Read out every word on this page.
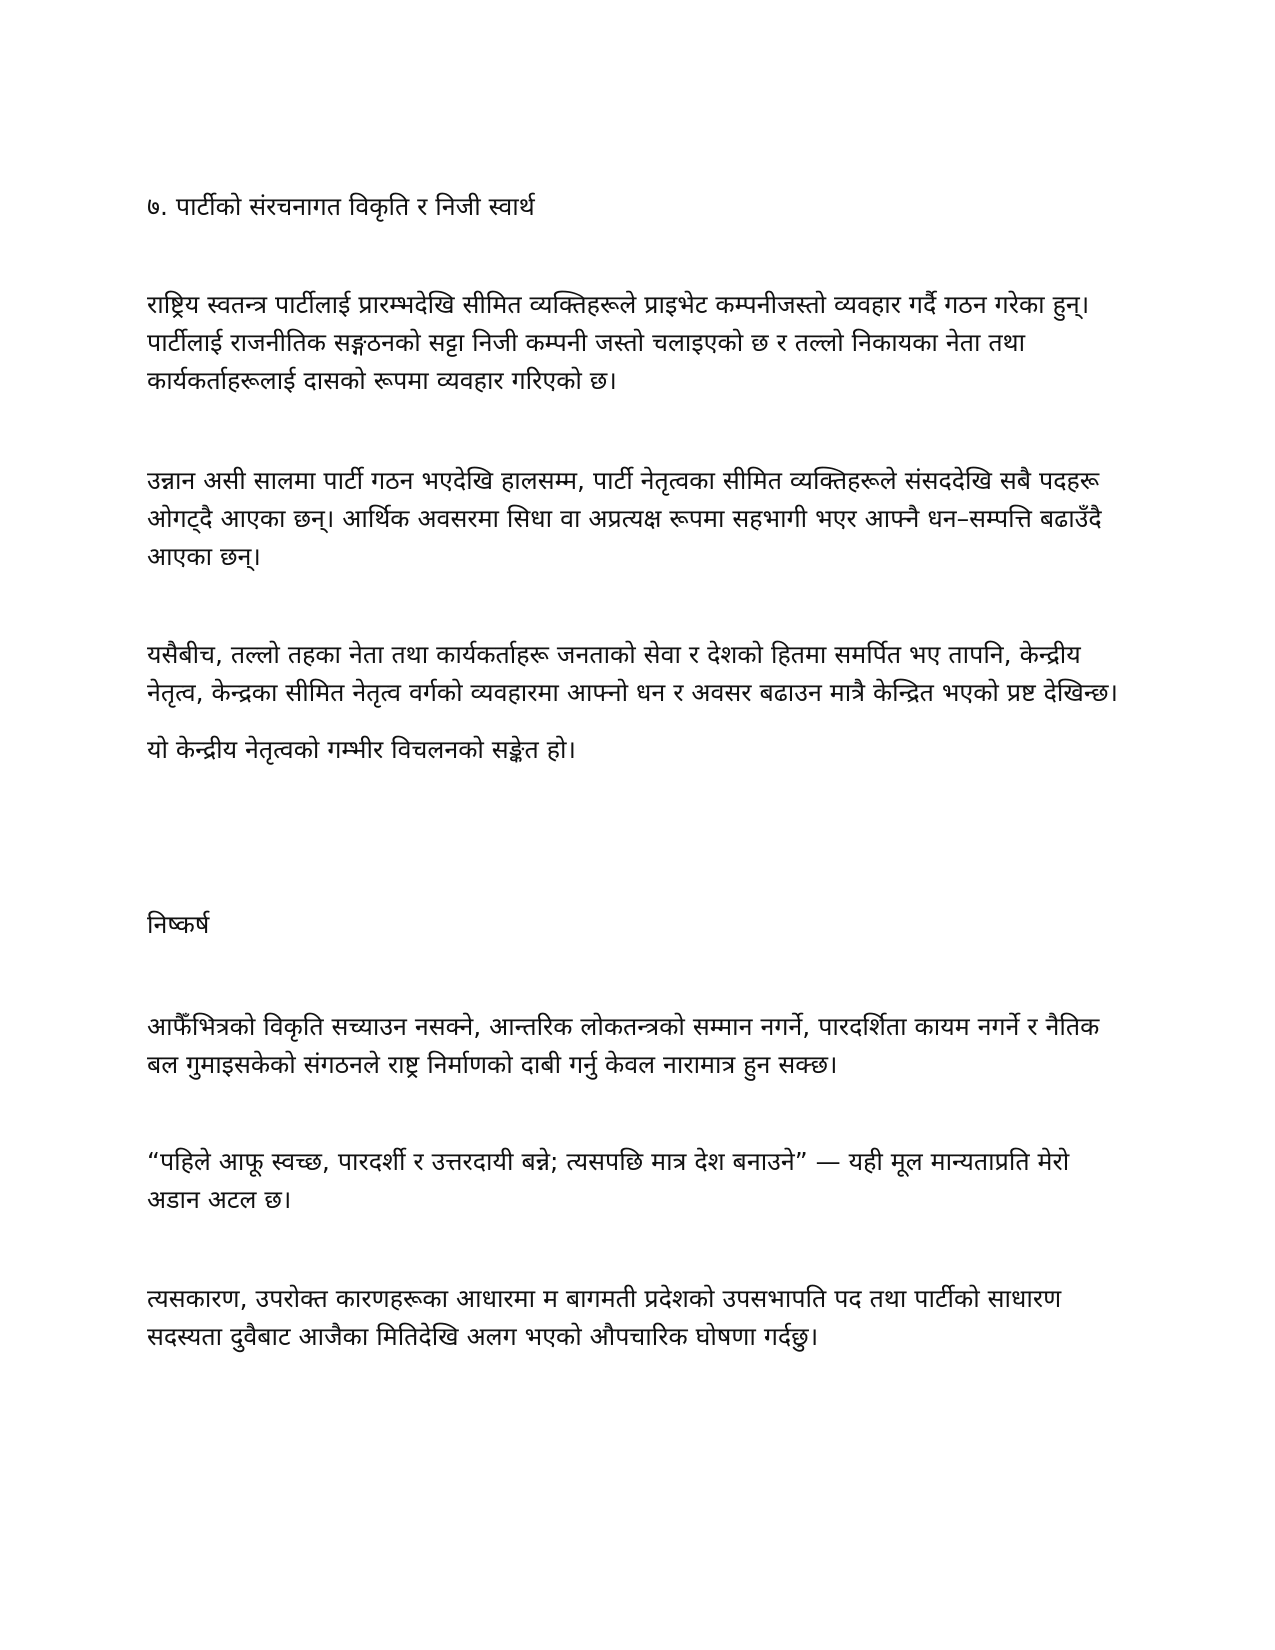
७. पार्टीको संरचनागत विकृति र निजी स्वार्थ

राष्ट्रिय स्वतन्त्र पार्टीलाई प्रारम्भदेखि सीमित व्यक्तिहरूले प्राइभेट कम्पनीजस्तो व्यवहार गर्दै गठन गरेका हुन्। पार्टीलाई राजनीतिक सङ्गठनको सट्टा निजी कम्पनी जस्तो चलाइएको छ र तल्लो निकायका नेता तथा कार्यकर्ताहरूलाई दासको रूपमा व्यवहार गरिएको छ।

उन्नान असी सालमा पार्टी गठन भएदेखि हालसम्म, पार्टी नेतृत्वका सीमित व्यक्तिहरूले संसददेखि सबै पदहरू ओगट्दै आएका छन्। आर्थिक अवसरमा सिधा वा अप्रत्यक्ष रूपमा सहभागी भएर आफ्नै धन–सम्पत्ति बढाउँदै आएका छन्।

यसैबीच, तल्लो तहका नेता तथा कार्यकर्ताहरू जनताको सेवा र देशको हितमा समर्पित भए तापनि, केन्द्रीय नेतृत्व, केन्द्रका सीमित नेतृत्व वर्गको व्यवहारमा आफ्नो धन र अवसर बढाउन मात्रै केन्द्रित भएको प्रष्ट देखिन्छ।

यो केन्द्रीय नेतृत्वको गम्भीर विचलनको सङ्केत हो।

निष्कर्ष

आफैँभित्रको विकृति सच्याउन नसक्ने, आन्तरिक लोकतन्त्रको सम्मान नगर्ने, पारदर्शिता कायम नगर्ने र नैतिक बल गुमाइसकेको संगठनले राष्ट्र निर्माणको दाबी गर्नु केवल नारामात्र हुन सक्छ।

“पहिले आफू स्वच्छ, पारदर्शी र उत्तरदायी बन्ने; त्यसपछि मात्र देश बनाउने” — यही मूल मान्यताप्रति मेरो अडान अटल छ।

त्यसकारण, उपरोक्त कारणहरूका आधारमा म बागमती प्रदेशको उपसभापति पद तथा पार्टीको साधारण सदस्यता दुवैबाट आजैका मितिदेखि अलग भएको औपचारिक घोषणा गर्दछु।
